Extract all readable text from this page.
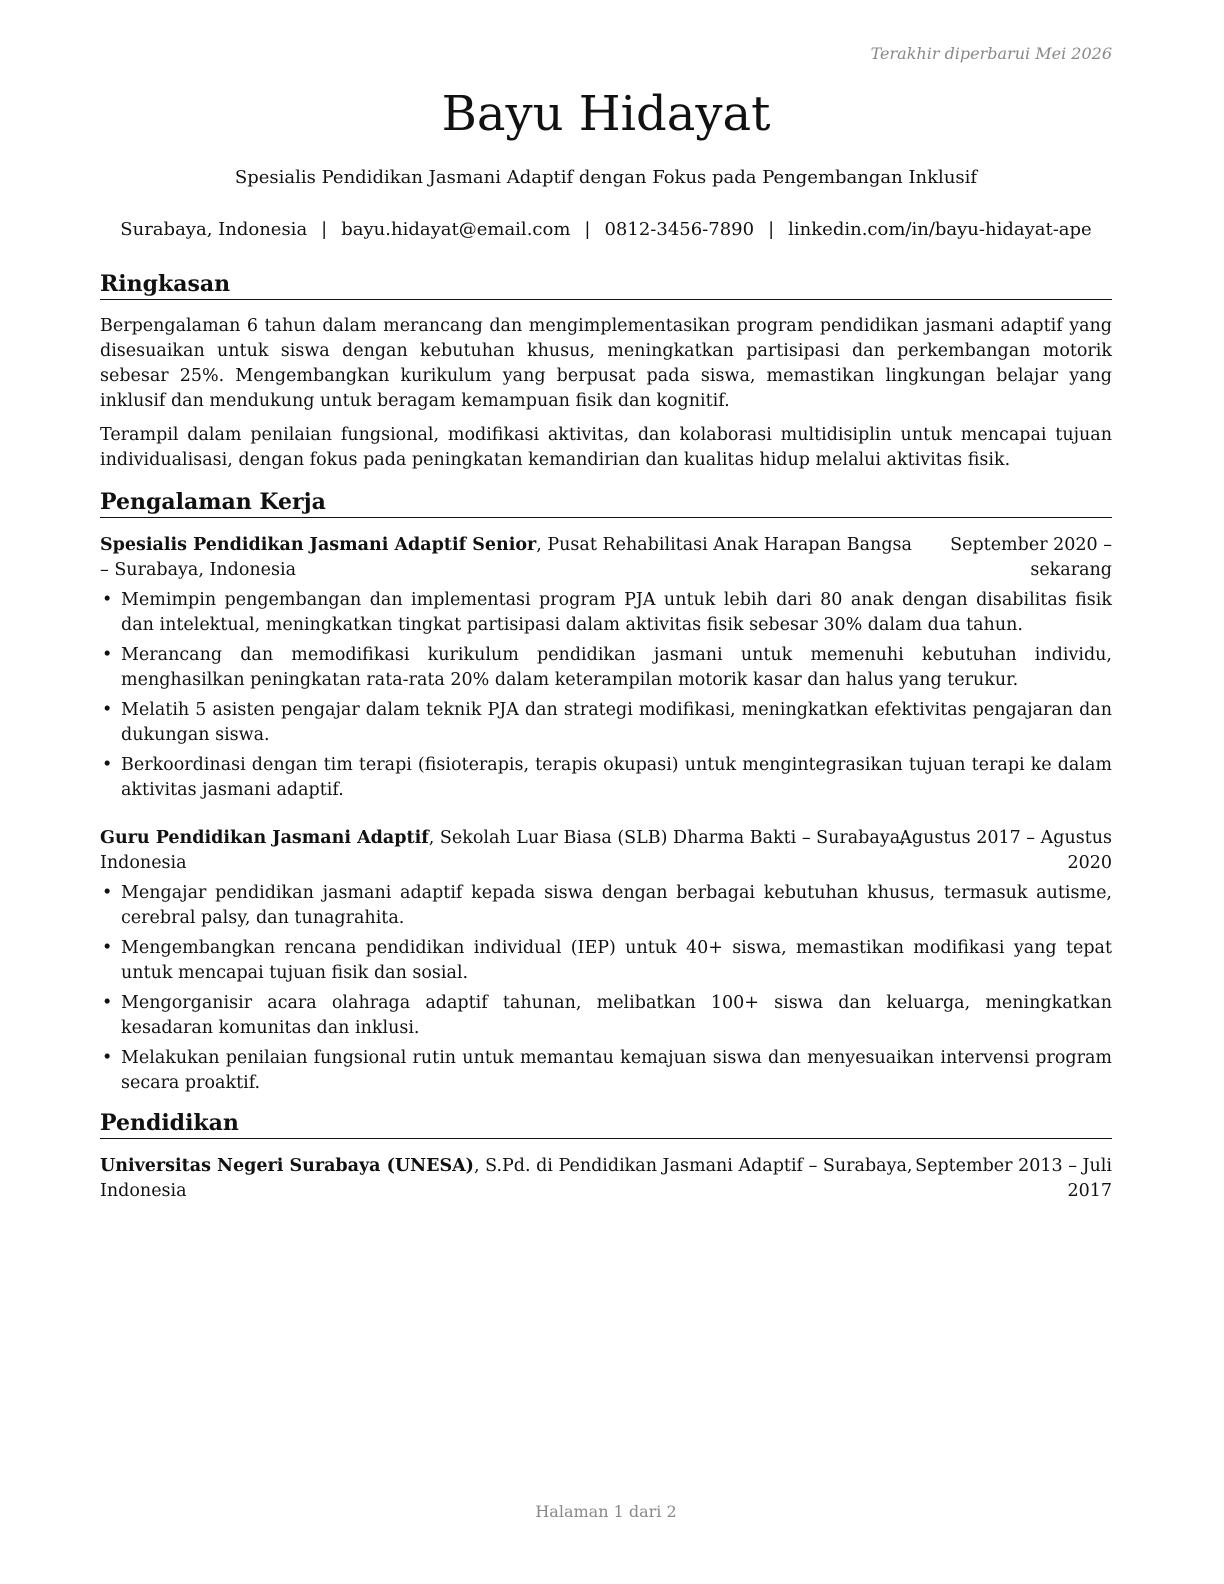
Terakhir diperbarui Mei 2026
Bayu Hidayat
Spesialis Pendidikan Jasmani Adaptif dengan Fokus pada Pengembangan Inklusif
Surabaya, Indonesia | bayu.hidayat@email.com | 0812-3456-7890 | linkedin.com/in/bayu-hidayat-ape
Ringkasan

Berpengalaman 6 tahun dalam merancang dan mengimplementasikan program pendidikan jasmani adaptif yang disesuaikan untuk siswa dengan kebutuhan khusus, meningkatkan partisipasi dan perkembangan motorik sebesar 25%. Mengembangkan kurikulum yang berpusat pada siswa, memastikan lingkungan belajar yang inklusif dan mendukung untuk beragam kemampuan fisik dan kognitif.

Terampil dalam penilaian fungsional, modifikasi aktivitas, dan kolaborasi multidisiplin untuk mencapai tujuan individualisasi, dengan fokus pada peningkatan kemandirian dan kualitas hidup melalui aktivitas fisik.

Pengalaman Kerja
Spesialis Pendidikan Jasmani Adaptif Senior, Pusat Rehabilitasi Anak Harapan Bangsa
– Surabaya, Indonesia
September 2020 –
sekarang
• Memimpin pengembangan dan implementasi program PJA untuk lebih dari 80 anak dengan disabilitas fisik dan intelektual, meningkatkan tingkat partisipasi dalam aktivitas fisik sebesar 30% dalam dua tahun.
• Merancang dan memodifikasi kurikulum pendidikan jasmani untuk memenuhi kebutuhan individu, menghasilkan peningkatan rata-rata 20% dalam keterampilan motorik kasar dan halus yang terukur.
• Melatih 5 asisten pengajar dalam teknik PJA dan strategi modifikasi, meningkatkan efektivitas pengajaran dan dukungan siswa.
• Berkoordinasi dengan tim terapi (fisioterapis, terapis okupasi) untuk mengintegrasikan tujuan terapi ke dalam aktivitas jasmani adaptif.
Guru Pendidikan Jasmani Adaptif, Sekolah Luar Biasa (SLB) Dharma Bakti – Surabaya,
Indonesia
Agustus 2017 – Agustus
2020
• Mengajar pendidikan jasmani adaptif kepada siswa dengan berbagai kebutuhan khusus, termasuk autisme, cerebral palsy, dan tunagrahita.
• Mengembangkan rencana pendidikan individual (IEP) untuk 40+ siswa, memastikan modifikasi yang tepat untuk mencapai tujuan fisik dan sosial.
• Mengorganisir acara olahraga adaptif tahunan, melibatkan 100+ siswa dan keluarga, meningkatkan kesadaran komunitas dan inklusi.
• Melakukan penilaian fungsional rutin untuk memantau kemajuan siswa dan menyesuaikan intervensi program secara proaktif.
Pendidikan
Universitas Negeri Surabaya (UNESA), S.Pd. di Pendidikan Jasmani Adaptif – Surabaya,
Indonesia
September 2013 – Juli
2017
Halaman 1 dari 2
